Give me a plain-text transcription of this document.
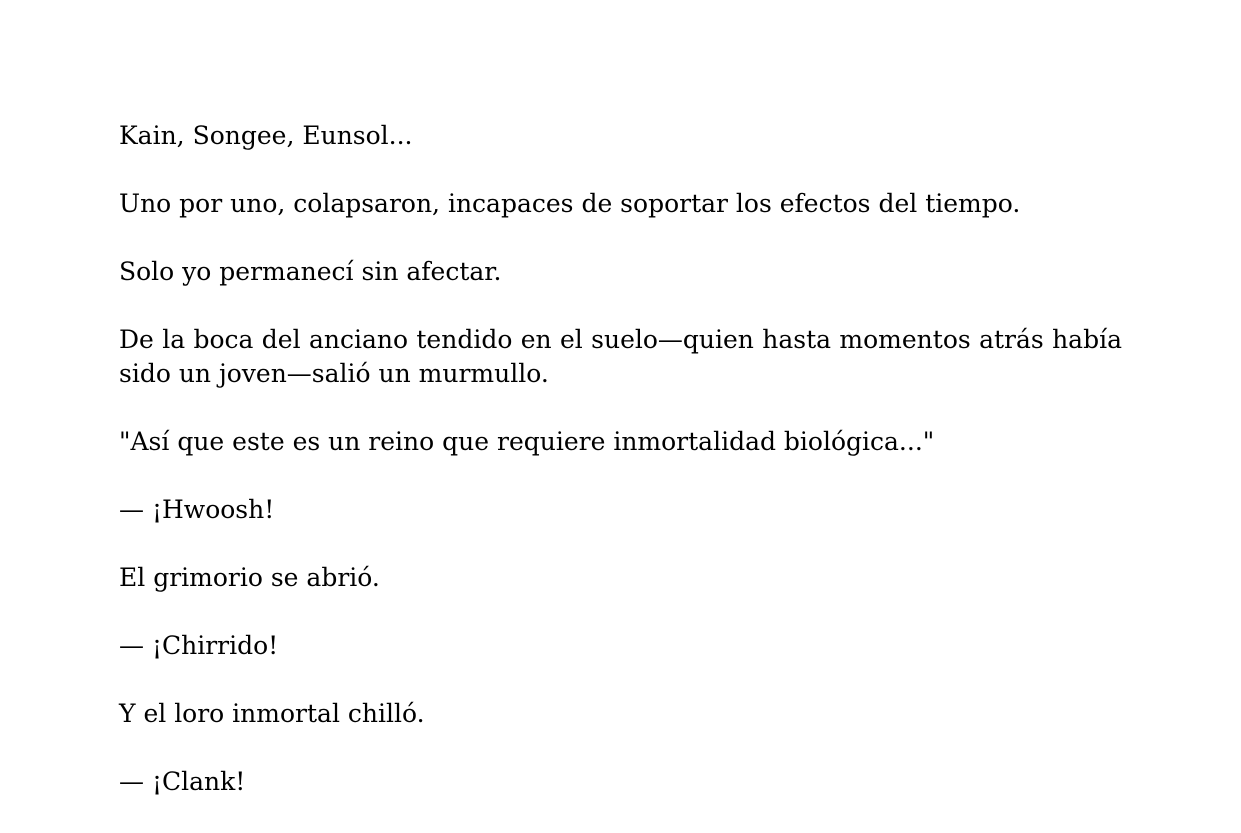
Kain, Songee, Eunsol...

Uno por uno, colapsaron, incapaces de soportar los efectos del tiempo.

Solo yo permanecí sin afectar.

De la boca del anciano tendido en el suelo—quien hasta momentos atrás había sido un joven—salió un murmullo.

"Así que este es un reino que requiere inmortalidad biológica..."

— ¡Hwoosh!

El grimorio se abrió.

— ¡Chirrido!

Y el loro inmortal chilló.

— ¡Clank!
